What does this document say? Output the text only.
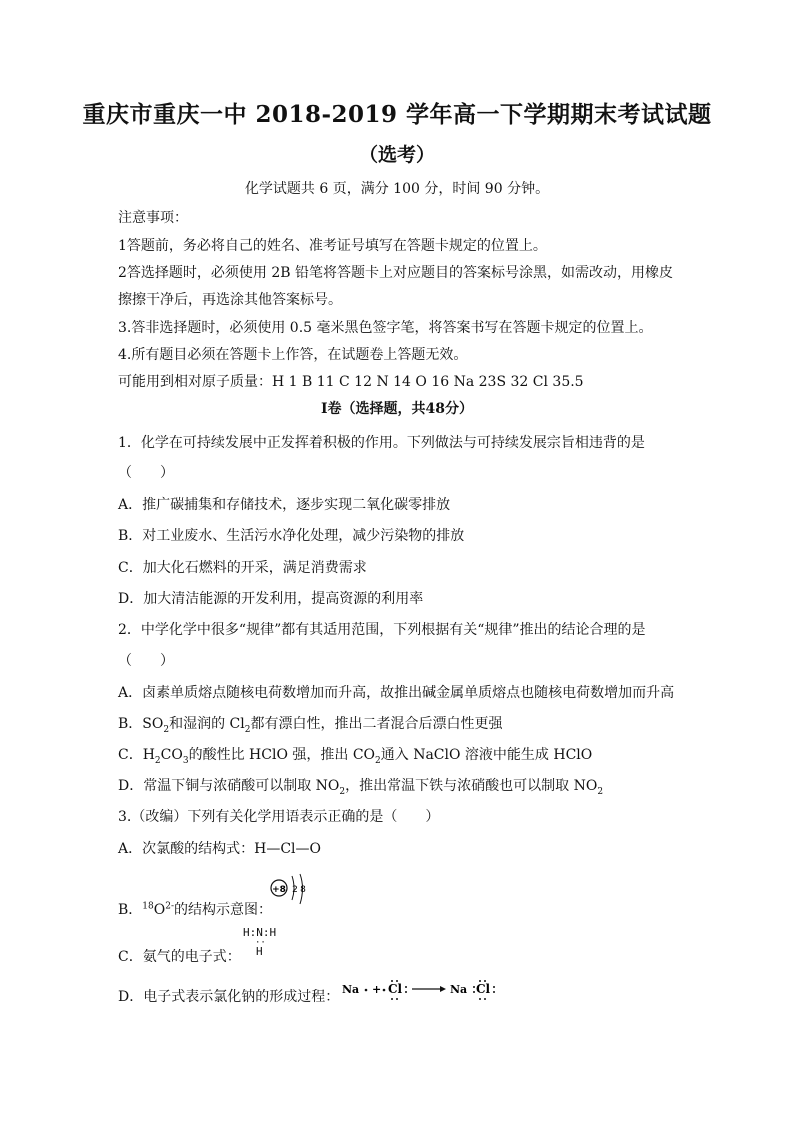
重庆市重庆一中 2018-2019 学年高一下学期期末考试试题
（选考）
化学试题共 6 页，满分 100 分，时间 90 分钟。
注意事项：
1答题前，务必将自己的姓名、准考证号填写在答题卡规定的位置上。
2答选择题时，必须使用 2B 铅笔将答题卡上对应题目的答案标号涂黑，如需改动，用橡皮
擦擦干净后，再选涂其他答案标号。
3.答非选择题时，必须使用 0.5 毫米黑色签字笔，将答案书写在答题卡规定的位置上。
4.所有题目必须在答题卡上作答，在试题卷上答题无效。
可能用到相对原子质量：H 1 B 11 C 12 N 14 O 16 Na 23S 32 Cl 35.5
Ⅰ卷（选择题，共48分）
1．化学在可持续发展中正发挥着积极的作用。下列做法与可持续发展宗旨相违背的是
（　　）
A．推广碳捕集和存储技术，逐步实现二氧化碳零排放
B．对工业废水、生活污水净化处理，减少污染物的排放
C．加大化石燃料的开采，满足消费需求
D．加大清洁能源的开发利用，提高资源的利用率
2．中学化学中很多“规律”都有其适用范围，下列根据有关“规律”推出的结论合理的是
（　　）
A．卤素单质熔点随核电荷数增加而升高，故推出碱金属单质熔点也随核电荷数增加而升高
B．$SO_2$和湿润的 $Cl_2$都有漂白性，推出二者混合后漂白性更强
C．$H_2CO_3$的酸性比 HClO 强，推出 $CO_2$通入 NaClO 溶液中能生成 HClO
D．常温下铜与浓硝酸可以制取 $NO_2$，推出常温下铁与浓硝酸也可以制取 $NO_2$
3.（改编）下列有关化学用语表示正确的是（　　）
A．次氯酸的结构式：H—Cl—O
B．$^{18}O^{2-}$的结构示意图：
+8 2 8
H:N:H
··
H
C．氨气的电子式：
D．电子式表示氯化钠的形成过程： Na + Cl	Na Cl
